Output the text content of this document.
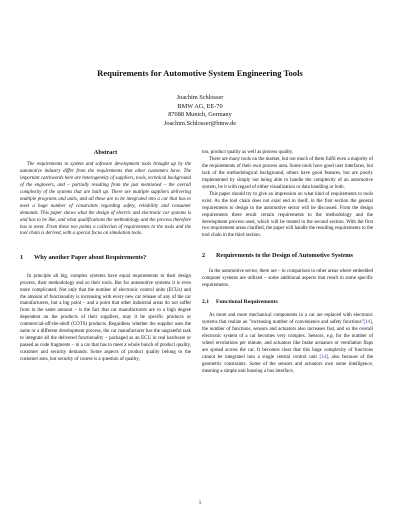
Requirements for Automotive System Engineering Tools
Joachim Schlosser
BMW AG, EE-70
87088 Munich, Germany
Joachim.Schlosser@bmw.de
Abstract

The requirements to system and software development tools brought up by the automotive industry differ from the requirements that other customers have. The important catchwords here are heterogeneity of suppliers, tools, technical background of the engineers, and – partially resulting from the just mentioned – the overall complexity of the systems that are built up. There are multiple suppliers delivering multiple programs and units, and all these are to be integrated into a car that has to meet a huge number of constraints regarding safety, reliability and consumer demands. This paper shows what the design of electric and electronic car systems is and has to be like, and what qualifications the methodology and the process therefore has to meet. From these two points a collection of requirements to the tools and the tool chain is derived, with a special focus on simulation tools.

1	Why another Paper about Requirements?

In principle all big, complex systems have equal requirements to their design process, their methodology and so their tools. But for automotive systems it is even more complicated. Not only that the number of electronic control units (ECUs) and the amount of functionality is increasing with every new car release of any of the car manufacturers, but a big point – and a point that other industrial areas do not suffer from in the same amount – is the fact that car manufacturers are to a high degree dependent on the products of their suppliers, may it be specific products or commercial-off-the-shelf (COTS) products. Regardless whether the supplier uses the same or a different development process, the car manufacturer has the ungrateful task to integrate all the delivered functionality – packaged as an ECU in real hardware or passed as code fragments – in a car that has to meet a whole bunch of product quality, customer and security demands. Some aspects of product quality belong to the customer area, but security of course is a question of quality,

too, product quality as well as process quality.

There are many tools on the market, but not much of them fulfil even a majority of the requirements of their own process area. Some tools have good user interfaces, but lack of the methodological background, others have good features, but are poorly implemented by simply not being able to handle the complexity of an automotive system, be it with regard of either visualization or data handling or both.

This paper should try to give an impression on what kind of requirements to tools exist. As the tool chain does not exist end in itself, in the first section the general requirements to design in the automotive sector will be discussed. From the design requirements there result certain requirements to the methodology and the development process used, which will be treated in the second section. With the first two requirement areas clarified, the paper will handle the resulting requirements to the tool chain in the third section.

2	Requirements to the Design of Automotive Systems

In the automotive sector, there are – in comparison to other areas where embedded computer systems are utilized – some additional aspects that result in some specific requirements.

2.1	Functional Requirements

As more and more mechanical components in a car are replaced with electronic systems that realize an "increasing number of convenience and safety functions"[14], the number of functions, sensors and actuators also increases fast, and so the overall electronic system of a car becomes very complex. Sensors, e.g. for the number of wheel revolutions per minute, and actuators like brake actuators or ventilation flaps are spread across the car. It becomes clear that this huge complexity of functions cannot be integrated into a single central control unit [14], also because of the geometric constraints. Some of the sensors and actuators own some intelligence, meaning a simple unit housing a bus interface,

1
